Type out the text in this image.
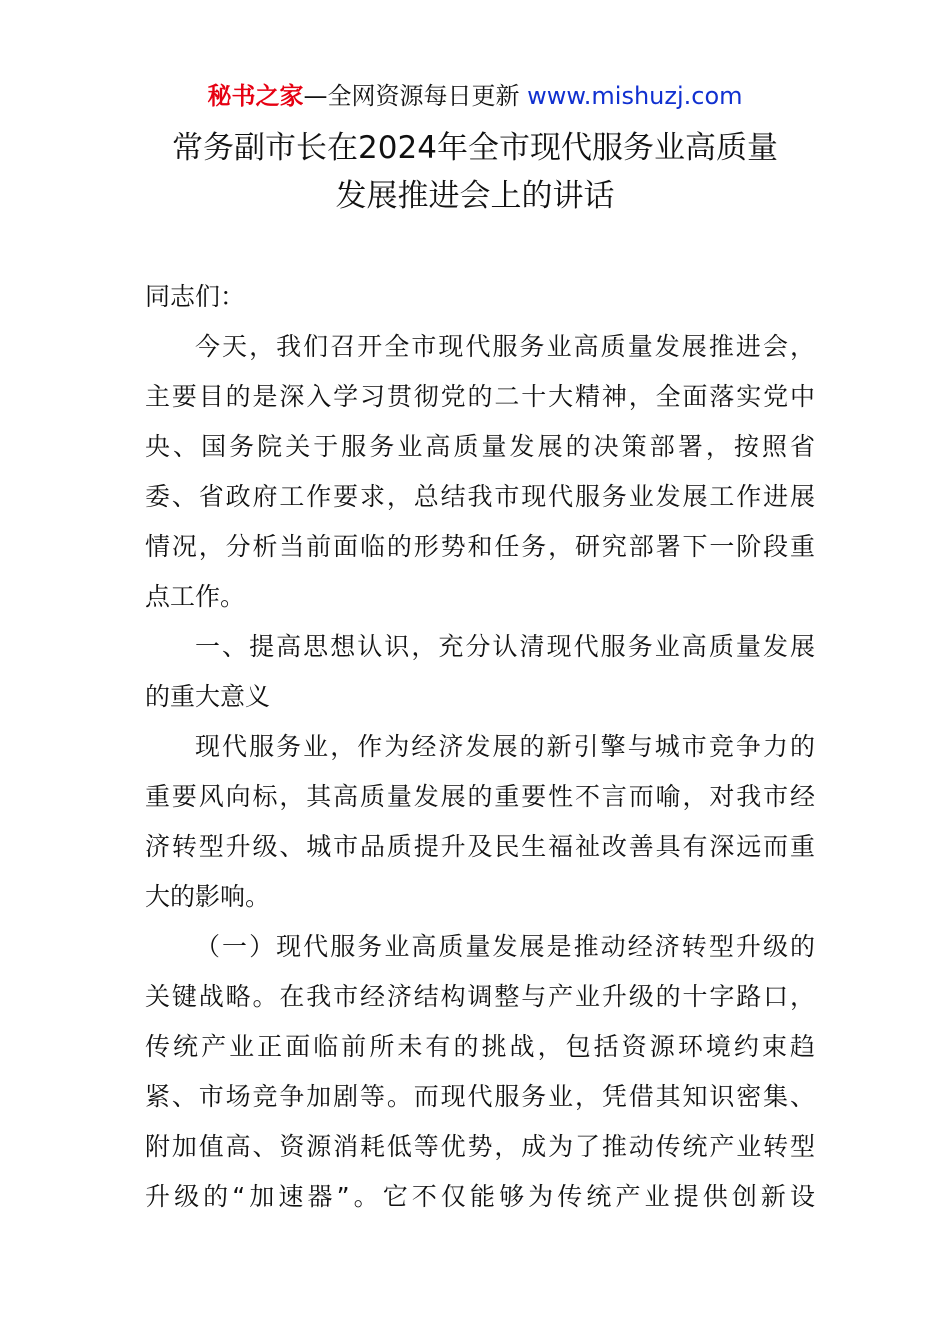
秘书之家—全网资源每日更新 www.mishuzj.com
常务副市长在2024年全市现代服务业高质量
发展推进会上的讲话
同志们：
今天，我们召开全市现代服务业高质量发展推进会，
主要目的是深入学习贯彻党的二十大精神，全面落实党中
央、国务院关于服务业高质量发展的决策部署，按照省
委、省政府工作要求，总结我市现代服务业发展工作进展
情况，分析当前面临的形势和任务，研究部署下一阶段重
点工作。
一、提高思想认识，充分认清现代服务业高质量发展
的重大意义
现代服务业，作为经济发展的新引擎与城市竞争力的
重要风向标，其高质量发展的重要性不言而喻，对我市经
济转型升级、城市品质提升及民生福祉改善具有深远而重
大的影响。
（一）现代服务业高质量发展是推动经济转型升级的
关键战略。在我市经济结构调整与产业升级的十字路口，
传统产业正面临前所未有的挑战，包括资源环境约束趋
紧、市场竞争加剧等。而现代服务业，凭借其知识密集、
附加值高、资源消耗低等优势，成为了推动传统产业转型
升级的“加速器”。它不仅能够为传统产业提供创新设
